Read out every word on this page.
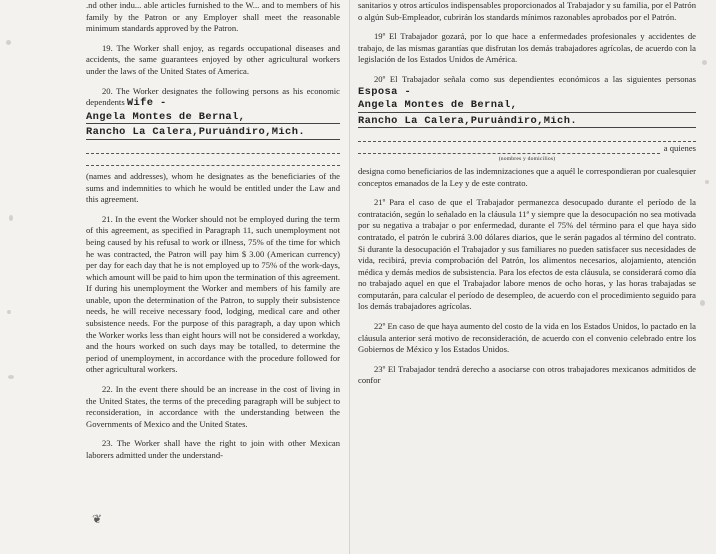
❦

.nd other indu... able articles furnished to the W... and to members of his family by the Patron or any Employer shall meet the reasonable minimum standards approved by the Patron.

19. The Worker shall enjoy, as regards occupational diseases and accidents, the same guarantees enjoyed by other agricultural workers under the laws of the United States of America.

20. The Worker designates the following persons as his economic dependents Wife -

Angela Montes de Bernal,
Rancho La Calera,Puruándiro,Mich.

(names and addresses), whom he designates as the beneficiaries of the sums and indemnities to which he would be entitled under the Law and this agreement.

21. In the event the Worker should not be employed during the term of this agreement, as specified in Paragraph 11, such unemployment not being caused by his refusal to work or illness, 75% of the time for which he was contracted, the Patron will pay him $ 3.00 (American currency) per day for each day that he is not employed up to 75% of the work-days, which amount will be paid to him upon the termination of this agreement. If during his unemployment the Worker and members of his family are unable, upon the determination of the Patron, to supply their subsistence needs, he will receive necessary food, lodging, medical care and other subsistence needs. For the purpose of this paragraph, a day upon which the Worker works less than eight hours will not be considered a workday, and the hours worked on such days may be totalled, to determine the period of unemployment, in accordance with the procedure followed for other agricultural workers.

22. In the event there should be an increase in the cost of living in the United States, the terms of the preceding paragraph will be subject to reconsideration, in accordance with the understanding between the Governments of Mexico and the United States.

23. The Worker shall have the right to join with other Mexican laborers admitted under the understand-

sanitarios y otros artículos indispensables proporcionados al Trabajador y su familia, por el Patrón o algún Sub-Empleador, cubrirán los standards mínimos razonables aprobados por el Patrón.

19º El Trabajador gozará, por lo que hace a enfermedades profesionales y accidentes de trabajo, de las mismas garantías que disfrutan los demás trabajadores agrícolas, de acuerdo con la legislación de los Estados Unidos de América.

20º El Trabajador señala como sus dependientes económicos a las siguientes personas Esposa -

Angela Montes de Bernal,
Rancho La Calera,Puruándiro,Mich.
a quienes
(nombres y domicilios)

designa como beneficiarios de las indemnizaciones que a aquél le correspondieran por cualesquier conceptos emanados de la Ley y de este contrato.

21º Para el caso de que el Trabajador permanezca desocupado durante el período de la contratación, según lo señalado en la cláusula 11ª y siempre que la desocupación no sea motivada por su negativa a trabajar o por enfermedad, durante el 75% del término para el que haya sido contratado, el patrón le cubrirá 3.00 dólares diarios, que le serán pagados al término del contrato. Si durante la desocupación el Trabajador y sus familiares no pueden satisfacer sus necesidades de vida, recibirá, previa comprobación del Patrón, los alimentos necesarios, alojamiento, atención médica y demás medios de subsistencia. Para los efectos de esta cláusula, se considerará como día no trabajado aquel en que el Trabajador labore menos de ocho horas, y las horas trabajadas se computarán, para calcular el período de desempleo, de acuerdo con el procedimiento seguido para los demás trabajadores agrícolas.

22º En caso de que haya aumento del costo de la vida en los Estados Unidos, lo pactado en la cláusula anterior será motivo de reconsideración, de acuerdo con el convenio celebrado entre los Gobiernos de México y los Estados Unidos.

23º El Trabajador tendrá derecho a asociarse con otros trabajadores mexicanos admitidos de confor
